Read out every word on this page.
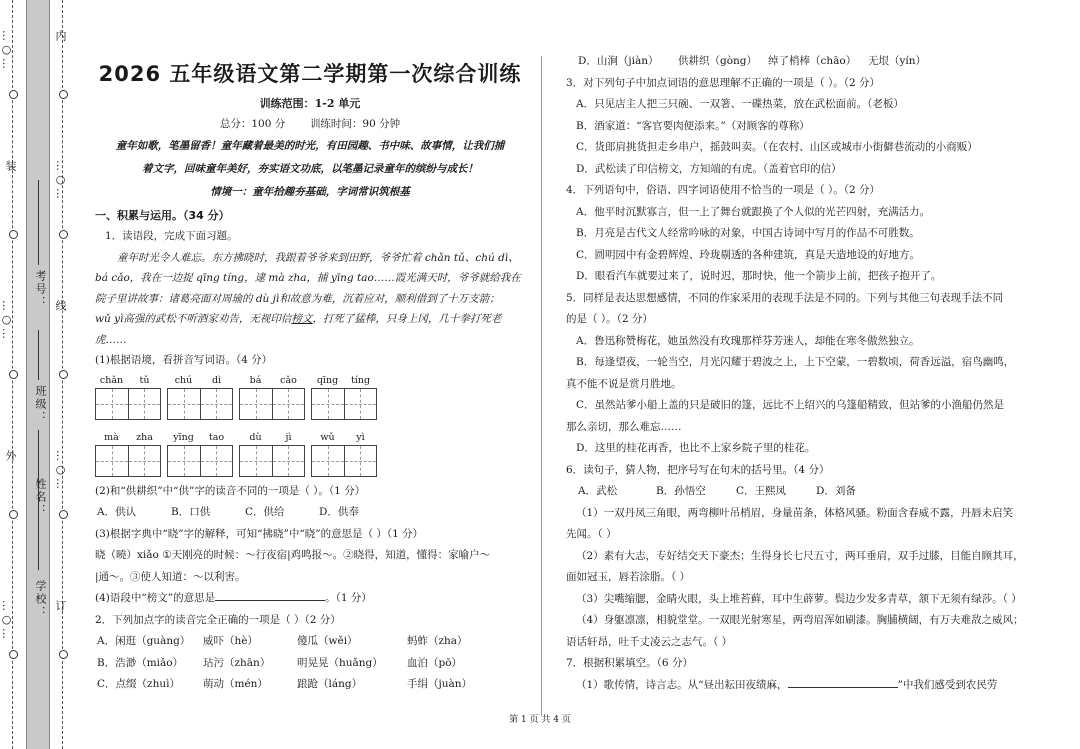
…○…
外
…○…
装
…○…
订
…○…
线
…○…
内
学校：
姓名：
班级：
考号：
2026 五年级语文第二学期第一次综合训练

训练范围：1-2 单元

总分：100 分 训练时间：90 分钟

童年如歌，笔墨留香！童年藏着最美的时光，有田园趣、书中味、故事情，让我们捕

着文字，回味童年美好，夯实语文功底，以笔墨记录童年的缤纷与成长！

情境一：童年拾趣夯基础，字词常识筑根基

一、积累与运用。（34 分）

1．读语段，完成下面习题。

童年时光令人难忘。东方拂晓时，我跟着爷爷来到田野，爷爷忙着 chǎn tǔ、chú dì、

bá cǎo，我在一边捉 qīng tíng，逮 mà zha，捕 yīng tao……霞光满天时，爷爷就给我在

院子里讲故事：诸葛亮面对周瑜的 dù jì和故意为难，沉着应对，顺利借到了十万支箭；

wǔ yì高强的武松不听酒家劝告，无视印信榜文，打死了猛棒，只身上冈，几十拳打死老

虎……

(1)根据语境，看拼音写词语。（4 分）

chǎn	tǔ	chú	dì	bá	cǎo	qīng	tíng
mà	zha	yīng	tao	dù	jì	wǔ	yì

(2)和“供耕织”中“供”字的读音不同的一项是（ ）。（1 分）

A．供认	B．口供	C．供给	D．供奉

(3)根据字典中“晓”字的解释，可知“拂晓”中“晓”的意思是（ ）（1 分）

晓（曉）xiǎo ①天刚亮的时候：～行夜宿|鸡鸣报～。②晓得，知道，懂得：家喻户～

|通～。③使人知道：～以利害。

(4)语段中“榜文”的意思是	。（1 分）

2．下列加点字的读音完全正确的一项是（ ）（2 分）

A．闲逛（guàng）	威吓（hè）	傻瓜（wěi）	蚂蚱（zha）
B．浩渺（miǎo）	玷污（zhān）	明晃晃（huǎng）	血泊（pō）
C．点缀（zhuì）	萌动（mén）	踉跄（láng）	手绢（juàn）
D．山涧（jiàn）	供耕织（gòng）	绰了梢棒（chāo）	无垠（yín）

3．对下列句子中加点词语的意思理解不正确的一项是（ ）。（2 分）

A．只见店主人把三只碗、一双箸、一碟热菜，放在武松面前。（老板）

B．酒家道：“客官要肉便添来。”（对顾客的尊称）

C．货郎肩挑货担走乡串户，摇鼓叫卖。（在农村、山区或城市小街僻巷流动的小商贩）

D．武松读了印信榜文，方知端的有虎。（盖着官印的信）

4．下列语句中，俗语、四字词语使用不恰当的一项是（ ）。（2 分）

A．他平时沉默寡言，但一上了舞台就跟换了个人似的光芒四射，充满活力。

B．月亮是古代文人经常吟咏的对象，中国古诗词中写月的作品不可胜数。

C．圆明园中有金碧辉煌、玲珑剔透的各种建筑，真是天造地设的好地方。

D．眼看汽车就要过来了，说时迟，那时快，他一个箭步上前，把孩子抱开了。

5．同样是表达思想感情，不同的作家采用的表现手法是不同的。下列与其他三句表现手法不同

的是（ ）。（2 分）

A．鲁迅称赞梅花，她虽然没有玫瑰那样芬芳迷人，却能在寒冬傲然独立。

B．每逢望夜，一轮当空，月光闪耀于碧波之上，上下空蒙，一碧数顷，荷香远溢，宿鸟幽鸣，

真不能不说是赏月胜地。

C．虽然站爹小船上盖的只是破旧的篷，远比不上绍兴的乌篷船精致，但站爹的小渔船仍然是

那么亲切，那么难忘……

D．这里的桂花再香，也比不上家乡院子里的桂花。

6．读句子，猜人物，把序号写在句末的括号里。（4 分）

A．武松	B．孙悟空	C．王熙凤	D．刘备

（1）一双丹凤三角眼，两弯柳叶吊梢眉，身量苗条，体格风骚。粉面含春威不露，丹唇未启笑

先闻。（ ）

（2）素有大志，专好结交天下豪杰；生得身长七尺五寸，两耳垂肩，双手过膝，目能自顾其耳，

面如冠玉，唇若涂脂。（ ）

（3）尖嘴缩腮，金睛火眼，头上堆苔藓，耳中生薜萝。鬓边少发多青草，颔下无须有绿莎。（ ）

（4）身躯凛凛，相貌堂堂。一双眼光射寒星，两弯眉浑如刷漆。胸脯横阔，有万夫难敌之威风；

语话轩昂，吐千丈凌云之志气。（ ）

7．根据积累填空。（6 分）

（1）歌传情，诗言志。从“昼出耘田夜绩麻，	”中我们感受到农民劳

第 1 页 共 4 页
